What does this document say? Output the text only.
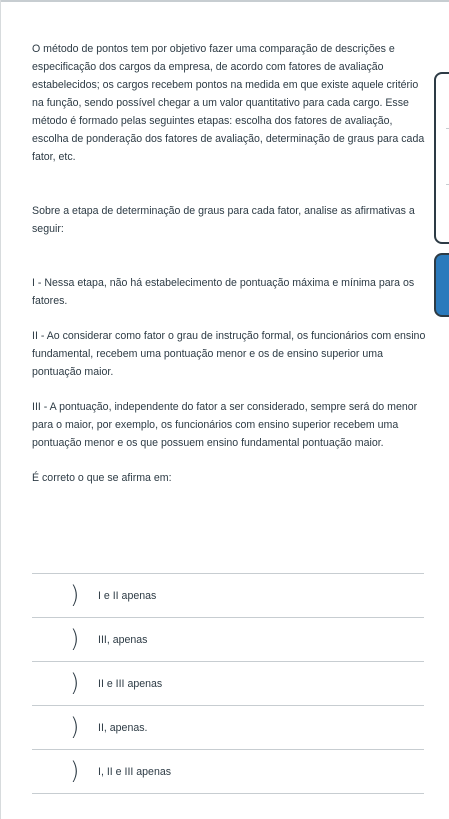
O método de pontos tem por objetivo fazer uma comparação de descrições e especificação dos cargos da empresa, de acordo com fatores de avaliação estabelecidos; os cargos recebem pontos na medida em que existe aquele critério na função, sendo possível chegar a um valor quantitativo para cada cargo. Esse método é formado pelas seguintes etapas: escolha dos fatores de avaliação, escolha de ponderação dos fatores de avaliação, determinação de graus para cada fator, etc.

Sobre a etapa de determinação de graus para cada fator, analise as afirmativas a seguir:

I - Nessa etapa, não há estabelecimento de pontuação máxima e mínima para os fatores.

II - Ao considerar como fator o grau de instrução formal, os funcionários com ensino fundamental, recebem uma pontuação menor e os de ensino superior uma pontuação maior.

III - A pontuação, independente do fator a ser considerado, sempre será do menor para o maior, por exemplo, os funcionários com ensino superior recebem uma pontuação menor e os que possuem ensino fundamental pontuação maior.

É correto o que se afirma em:

) I e II apenas
) III, apenas
) II e III apenas
) II, apenas.
) I, II e III apenas
